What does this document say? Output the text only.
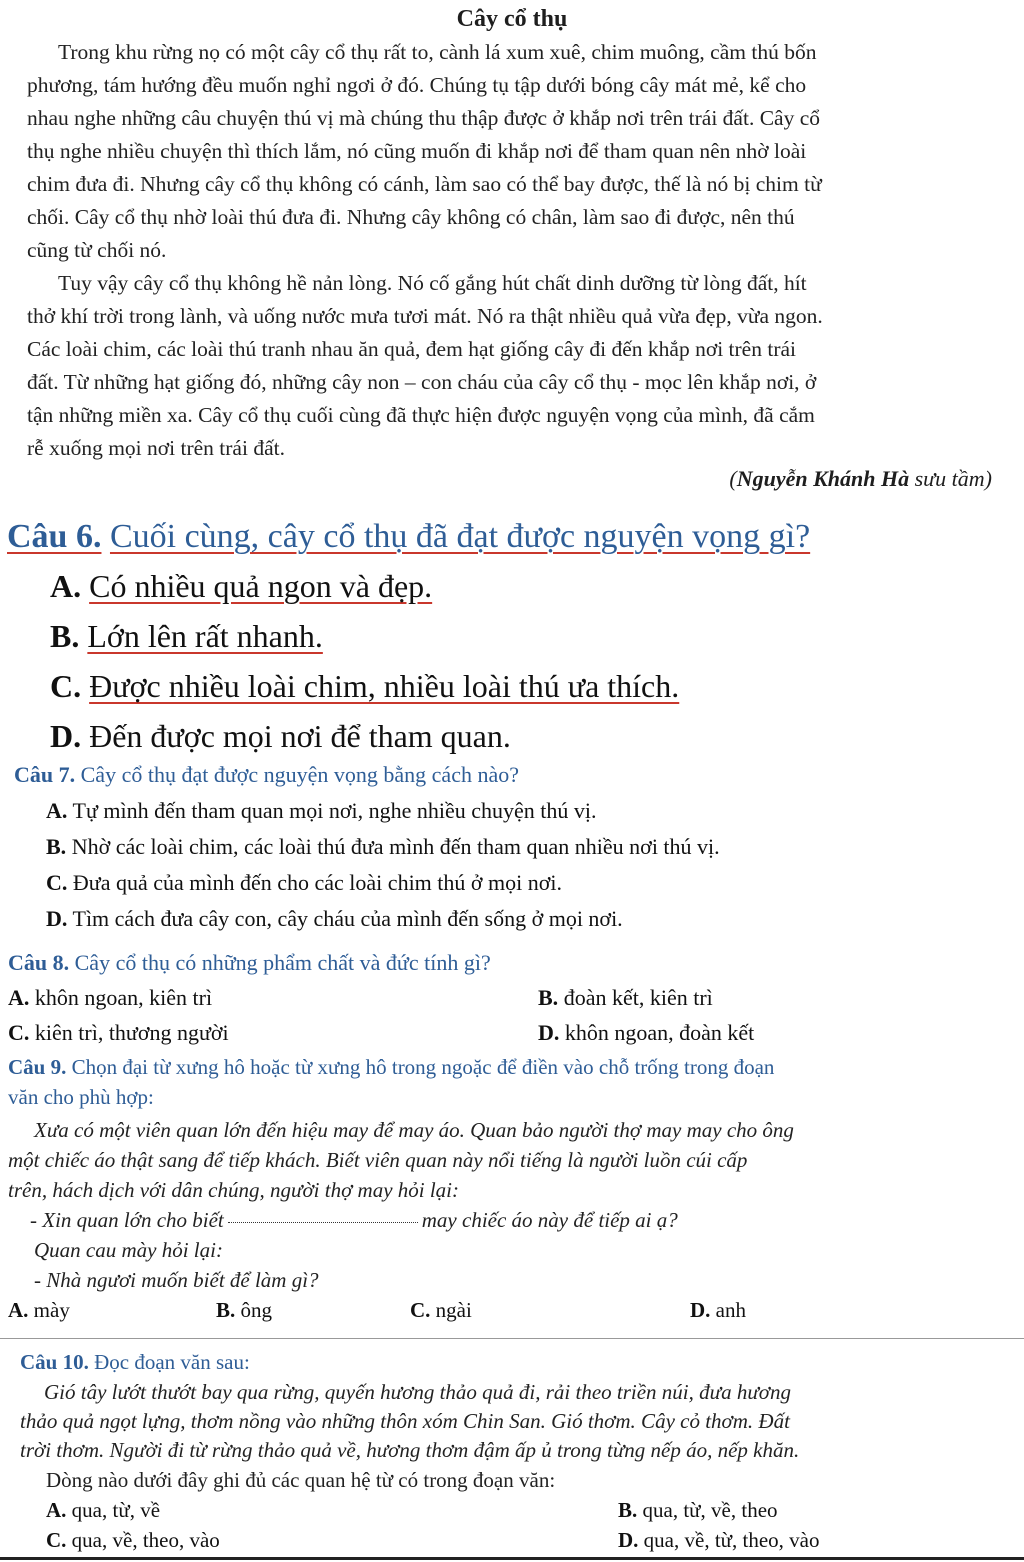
Cây cổ thụ
Trong khu rừng nọ có một cây cổ thụ rất to, cành lá xum xuê, chim muông, cầm thú bốn
phương, tám hướng đều muốn nghỉ ngơi ở đó. Chúng tụ tập dưới bóng cây mát mẻ, kể cho
nhau nghe những câu chuyện thú vị mà chúng thu thập được ở khắp nơi trên trái đất. Cây cổ
thụ nghe nhiều chuyện thì thích lắm, nó cũng muốn đi khắp nơi để tham quan nên nhờ loài
chim đưa đi. Nhưng cây cổ thụ không có cánh, làm sao có thể bay được, thế là nó bị chim từ
chối. Cây cổ thụ nhờ loài thú đưa đi. Nhưng cây không có chân, làm sao đi được, nên thú
cũng từ chối nó.
Tuy vậy cây cổ thụ không hề nản lòng. Nó cố gắng hút chất dinh dưỡng từ lòng đất, hít
thở khí trời trong lành, và uống nước mưa tươi mát. Nó ra thật nhiều quả vừa đẹp, vừa ngon.
Các loài chim, các loài thú tranh nhau ăn quả, đem hạt giống cây đi đến khắp nơi trên trái
đất. Từ những hạt giống đó, những cây non – con cháu của cây cổ thụ - mọc lên khắp nơi, ở
tận những miền xa. Cây cổ thụ cuối cùng đã thực hiện được nguyện vọng của mình, đã cắm
rễ xuống mọi nơi trên trái đất.
(Nguyễn Khánh Hà sưu tầm)
Câu 6. Cuối cùng, cây cổ thụ đã đạt được nguyện vọng gì?
A. Có nhiều quả ngon và đẹp.
B. Lớn lên rất nhanh.
C. Được nhiều loài chim, nhiều loài thú ưa thích.
D. Đến được mọi nơi để tham quan.
Câu 7. Cây cổ thụ đạt được nguyện vọng bằng cách nào?
A. Tự mình đến tham quan mọi nơi, nghe nhiều chuyện thú vị.
B. Nhờ các loài chim, các loài thú đưa mình đến tham quan nhiều nơi thú vị.
C. Đưa quả của mình đến cho các loài chim thú ở mọi nơi.
D. Tìm cách đưa cây con, cây cháu của mình đến sống ở mọi nơi.
Câu 8. Cây cổ thụ có những phẩm chất và đức tính gì?
A. khôn ngoan, kiên trì	B. đoàn kết, kiên trì
C. kiên trì, thương người	D. khôn ngoan, đoàn kết
Câu 9. Chọn đại từ xưng hô hoặc từ xưng hô trong ngoặc để điền vào chỗ trống trong đoạn
văn cho phù hợp:
Xưa có một viên quan lớn đến hiệu may để may áo. Quan bảo người thợ may may cho ông
một chiếc áo thật sang để tiếp khách. Biết viên quan này nổi tiếng là người luồn cúi cấp
trên, hách dịch với dân chúng, người thợ may hỏi lại:
- Xin quan lớn cho biết	may chiếc áo này để tiếp ai ạ?
Quan cau mày hỏi lại:
- Nhà ngươi muốn biết để làm gì?
A. mày	B. ông	C. ngài	D. anh
Câu 10. Đọc đoạn văn sau:
Gió tây lướt thướt bay qua rừng, quyến hương thảo quả đi, rải theo triền núi, đưa hương
thảo quả ngọt lựng, thơm nồng vào những thôn xóm Chin San. Gió thơm. Cây cỏ thơm. Đất
trời thơm. Người đi từ rừng thảo quả về, hương thơm đậm ấp ủ trong từng nếp áo, nếp khăn.
Dòng nào dưới đây ghi đủ các quan hệ từ có trong đoạn văn:
A. qua, từ, về	B. qua, từ, về, theo
C. qua, về, theo, vào	D. qua, về, từ, theo, vào
